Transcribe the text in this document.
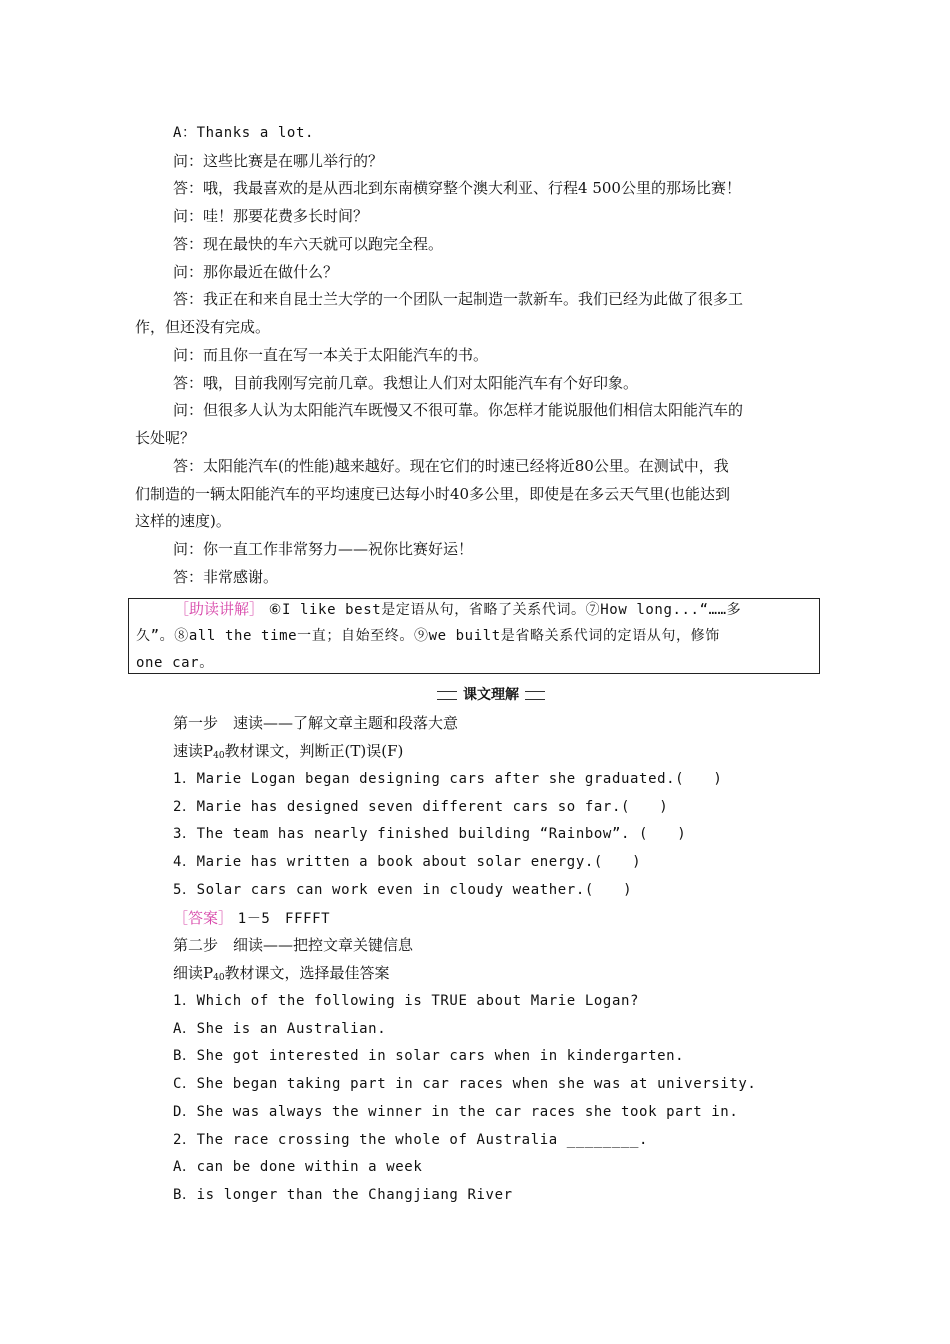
A：Thanks a lot.
问：这些比赛是在哪儿举行的？
答：哦，我最喜欢的是从西北到东南横穿整个澳大利亚、行程4 500公里的那场比赛！
问：哇！那要花费多长时间？
答：现在最快的车六天就可以跑完全程。
问：那你最近在做什么？
答：我正在和来自昆士兰大学的一个团队一起制造一款新车。我们已经为此做了很多工
作，但还没有完成。
问：而且你一直在写一本关于太阳能汽车的书。
答：哦，目前我刚写完前几章。我想让人们对太阳能汽车有个好印象。
问：但很多人认为太阳能汽车既慢又不很可靠。你怎样才能说服他们相信太阳能汽车的
长处呢？
答：太阳能汽车(的性能)越来越好。现在它们的时速已经将近80公里。在测试中，我
们制造的一辆太阳能汽车的平均速度已达每小时40多公里，即使是在多云天气里(也能达到
这样的速度)。
问：你一直工作非常努力——祝你比赛好运！
答：非常感谢。
［助读讲解］ ⑥I like best是定语从句，省略了关系代词。⑦How long...“……多
久”。⑧all the time一直；自始至终。⑨we built是省略关系代词的定语从句，修饰
one car。
课文理解
第一步　速读——了解文章主题和段落大意
速读$P_{40}$教材课文，判断正(T)误(F)
1．Marie Logan began designing cars after she graduated.(　　)
2．Marie has designed seven different cars so far.(　　)
3．The team has nearly finished building “Rainbow”. (　　)
4．Marie has written a book about solar energy.(　　)
5．Solar cars can work even in cloudy weather.(　　)
［答案］ 1－5　FFFFT
第二步　细读——把控文章关键信息
细读$P_{40}$教材课文，选择最佳答案
1．Which of the following is TRUE about Marie Logan?
A．She is an Australian.
B．She got interested in solar cars when in kindergarten.
C．She began taking part in car races when she was at university.
D．She was always the winner in the car races she took part in.
2．The race crossing the whole of Australia ________.
A．can be done within a week
B．is longer than the Changjiang River
